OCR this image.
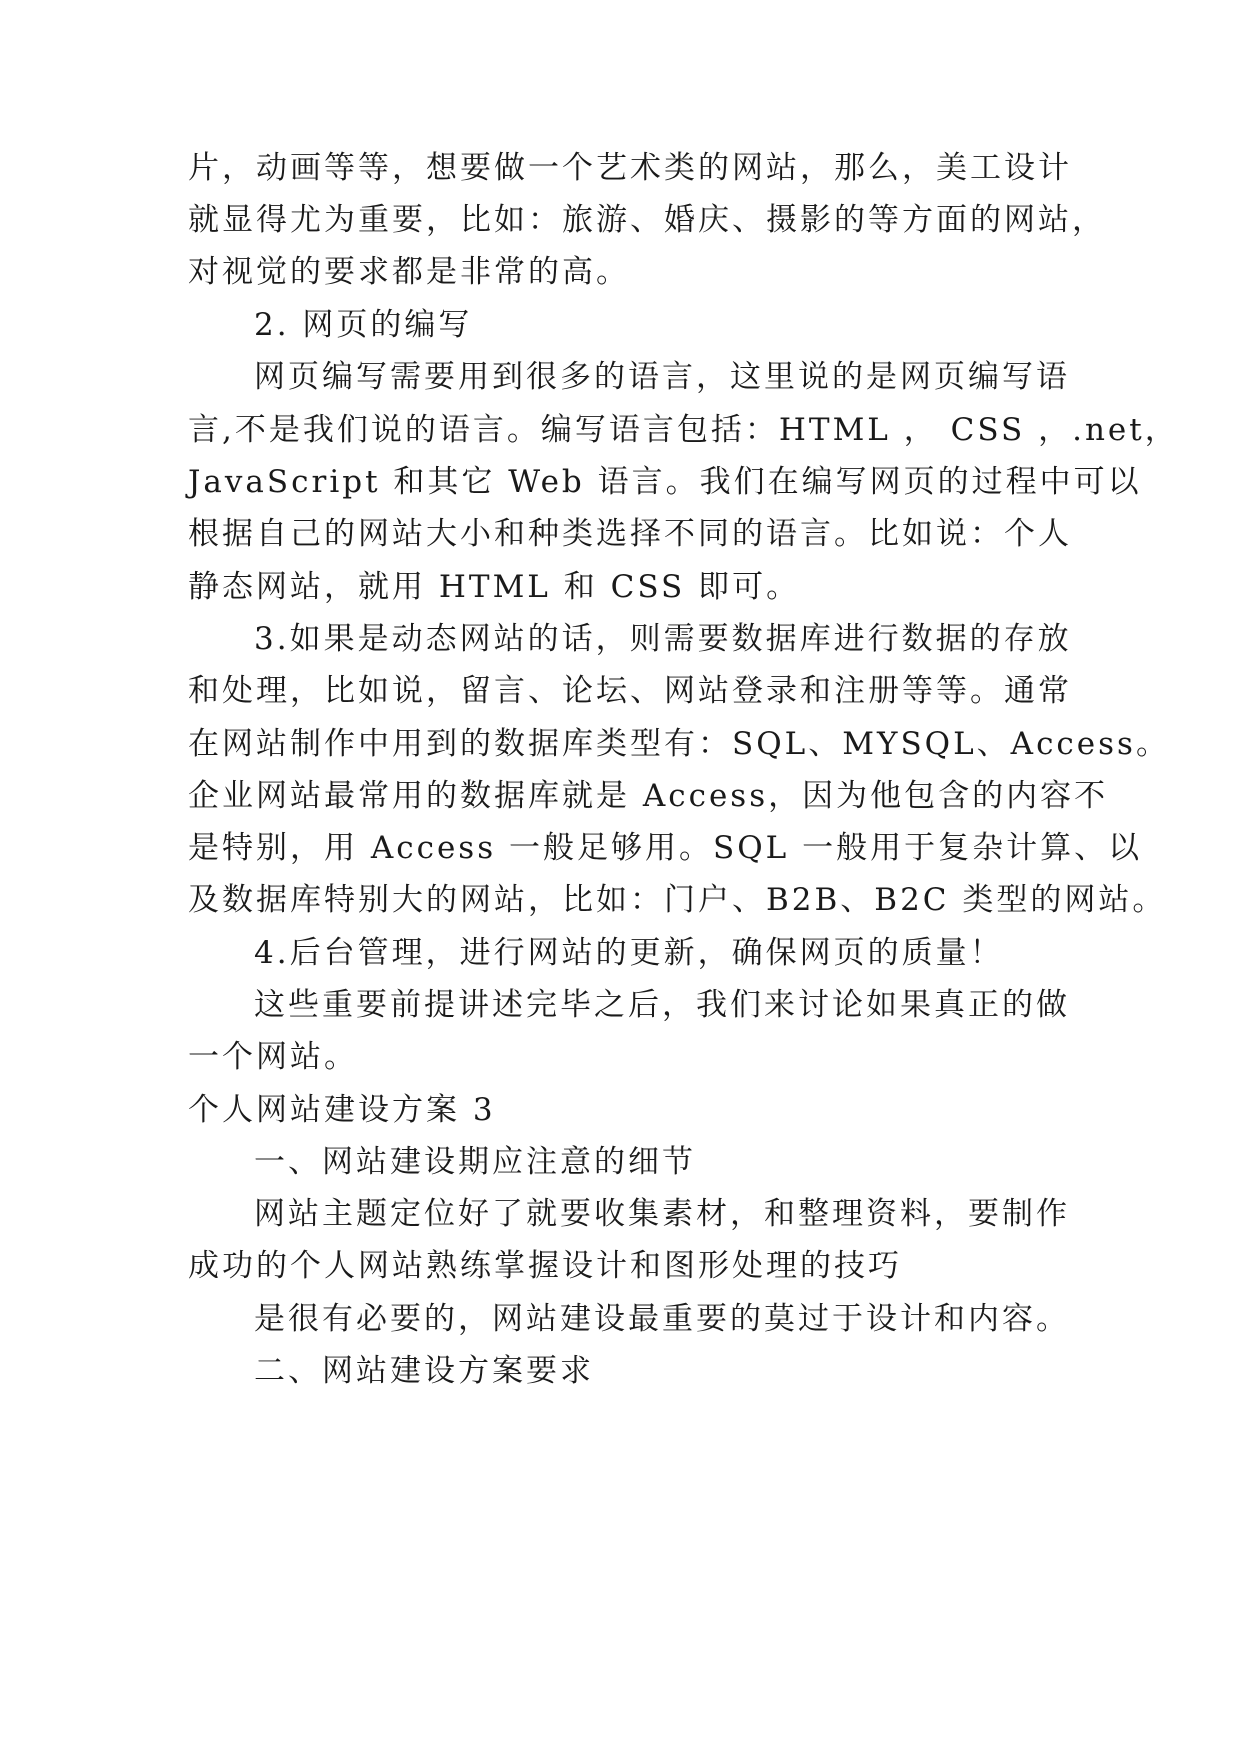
片，动画等等，想要做一个艺术类的网站，那么，美工设计
就显得尤为重要，比如：旅游、婚庆、摄影的等方面的网站，
对视觉的要求都是非常的高。
2. 网页的编写
网页编写需要用到很多的语言，这里说的是网页编写语
言,不是我们说的语言。编写语言包括：HTML ， CSS ，.net，
JavaScript 和其它 Web 语言。我们在编写网页的过程中可以
根据自己的网站大小和种类选择不同的语言。比如说：个人
静态网站，就用 HTML 和 CSS 即可。
3.如果是动态网站的话，则需要数据库进行数据的存放
和处理，比如说，留言、论坛、网站登录和注册等等。通常
在网站制作中用到的数据库类型有：SQL、MYSQL、Access。
企业网站最常用的数据库就是 Access，因为他包含的内容不
是特别，用 Access 一般足够用。SQL 一般用于复杂计算、以
及数据库特别大的网站，比如：门户、B2B、B2C 类型的网站。
4.后台管理，进行网站的更新，确保网页的质量！
这些重要前提讲述完毕之后，我们来讨论如果真正的做
一个网站。
个人网站建设方案 3
一、网站建设期应注意的细节
网站主题定位好了就要收集素材，和整理资料，要制作
成功的个人网站熟练掌握设计和图形处理的技巧
是很有必要的，网站建设最重要的莫过于设计和内容。
二、网站建设方案要求
